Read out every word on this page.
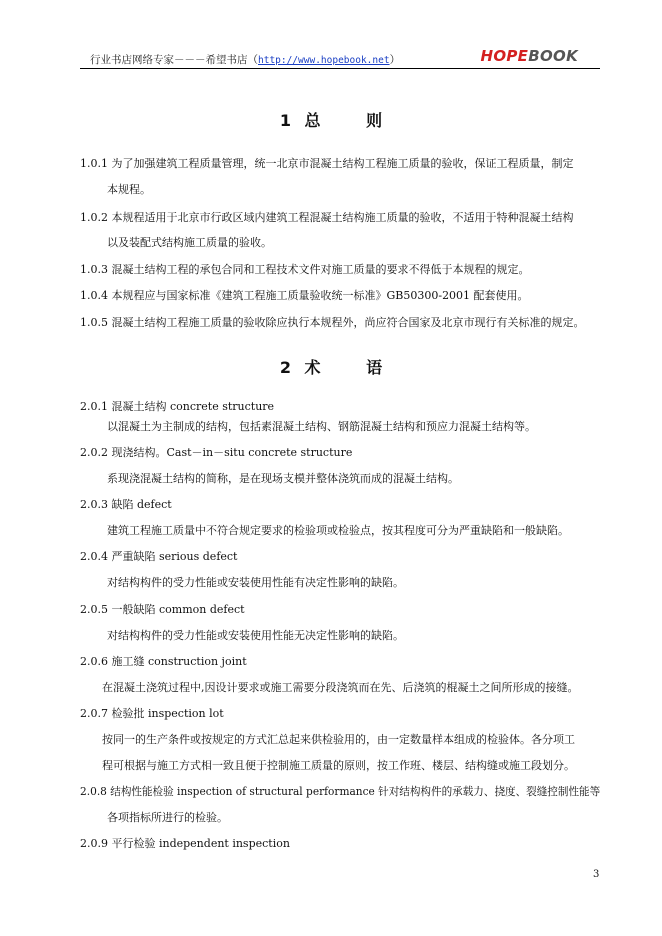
行业书店网络专家－－－希望书店（http://www.hopebook.net）	HOPEBOOK
1 总	则
1.0.1 为了加强建筑工程质量管理，统一北京市混凝土结构工程施工质量的验收，保证工程质量，制定
本规程。
1.0.2 本规程适用于北京市行政区域内建筑工程混凝土结构施工质量的验收，不适用于特种混凝土结构
以及装配式结构施工质量的验收。
1.0.3 混凝土结构工程的承包合同和工程技术文件对施工质量的要求不得低于本规程的规定。
1.0.4 本规程应与国家标准《建筑工程施工质量验收统一标准》GB50300-2001 配套使用。
1.0.5 混凝土结构工程施工质量的验收除应执行本规程外，尚应符合国家及北京市现行有关标准的规定。
2 术	语
2.0.1 混凝土结构 concrete structure
以混凝土为主制成的结构，包括素混凝土结构、钢筋混凝土结构和预应力混凝土结构等。
2.0.2 现浇结构。Cast－in－situ concrete structure
系现浇混凝土结构的简称，是在现场支模并整体浇筑而成的混凝土结构。
2.0.3 缺陷 defect
建筑工程施工质量中不符合规定要求的检验项或检验点，按其程度可分为严重缺陷和一般缺陷。
2.0.4 严重缺陷 serious defect
对结构构件的受力性能或安装使用性能有决定性影响的缺陷。
2.0.5 一般缺陷 common defect
对结构构件的受力性能或安装使用性能无决定性影响的缺陷。
2.0.6 施工缝 construction joint
在混凝土浇筑过程中,因设计要求或施工需要分段浇筑而在先、后浇筑的棍凝土之间所形成的接缝。
2.0.7 检验批 inspection lot
按同一的生产条件或按规定的方式汇总起来供检验用的，由一定数量样本组成的检验体。各分项工
程可根据与施工方式相一致且便于控制施工质量的原则，按工作班、楼层、结构缝或施工段划分。
2.0.8 结构性能检验 inspection of structural performance 针对结构构件的承载力、挠度、裂缝控制性能等
各项指标所进行的检验。
2.0.9 平行检验 independent inspection
3
